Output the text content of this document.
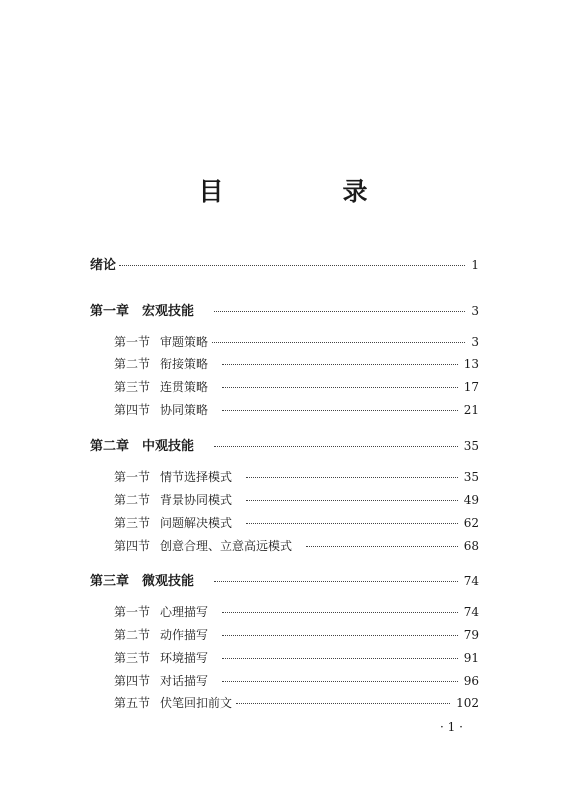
目　录
绪论	1
第一章　宏观技能	3
第一节 审题策略	3
第二节 衔接策略	13
第三节 连贯策略	17
第四节 协同策略	21
第二章　中观技能	35
第一节 情节选择模式	35
第二节 背景协同模式	49
第三节 问题解决模式	62
第四节 创意合理、立意高远模式	68
第三章　微观技能	74
第一节 心理描写	74
第二节 动作描写	79
第三节 环境描写	91
第四节 对话描写	96
第五节 伏笔回扣前文	102
· 1 ·
